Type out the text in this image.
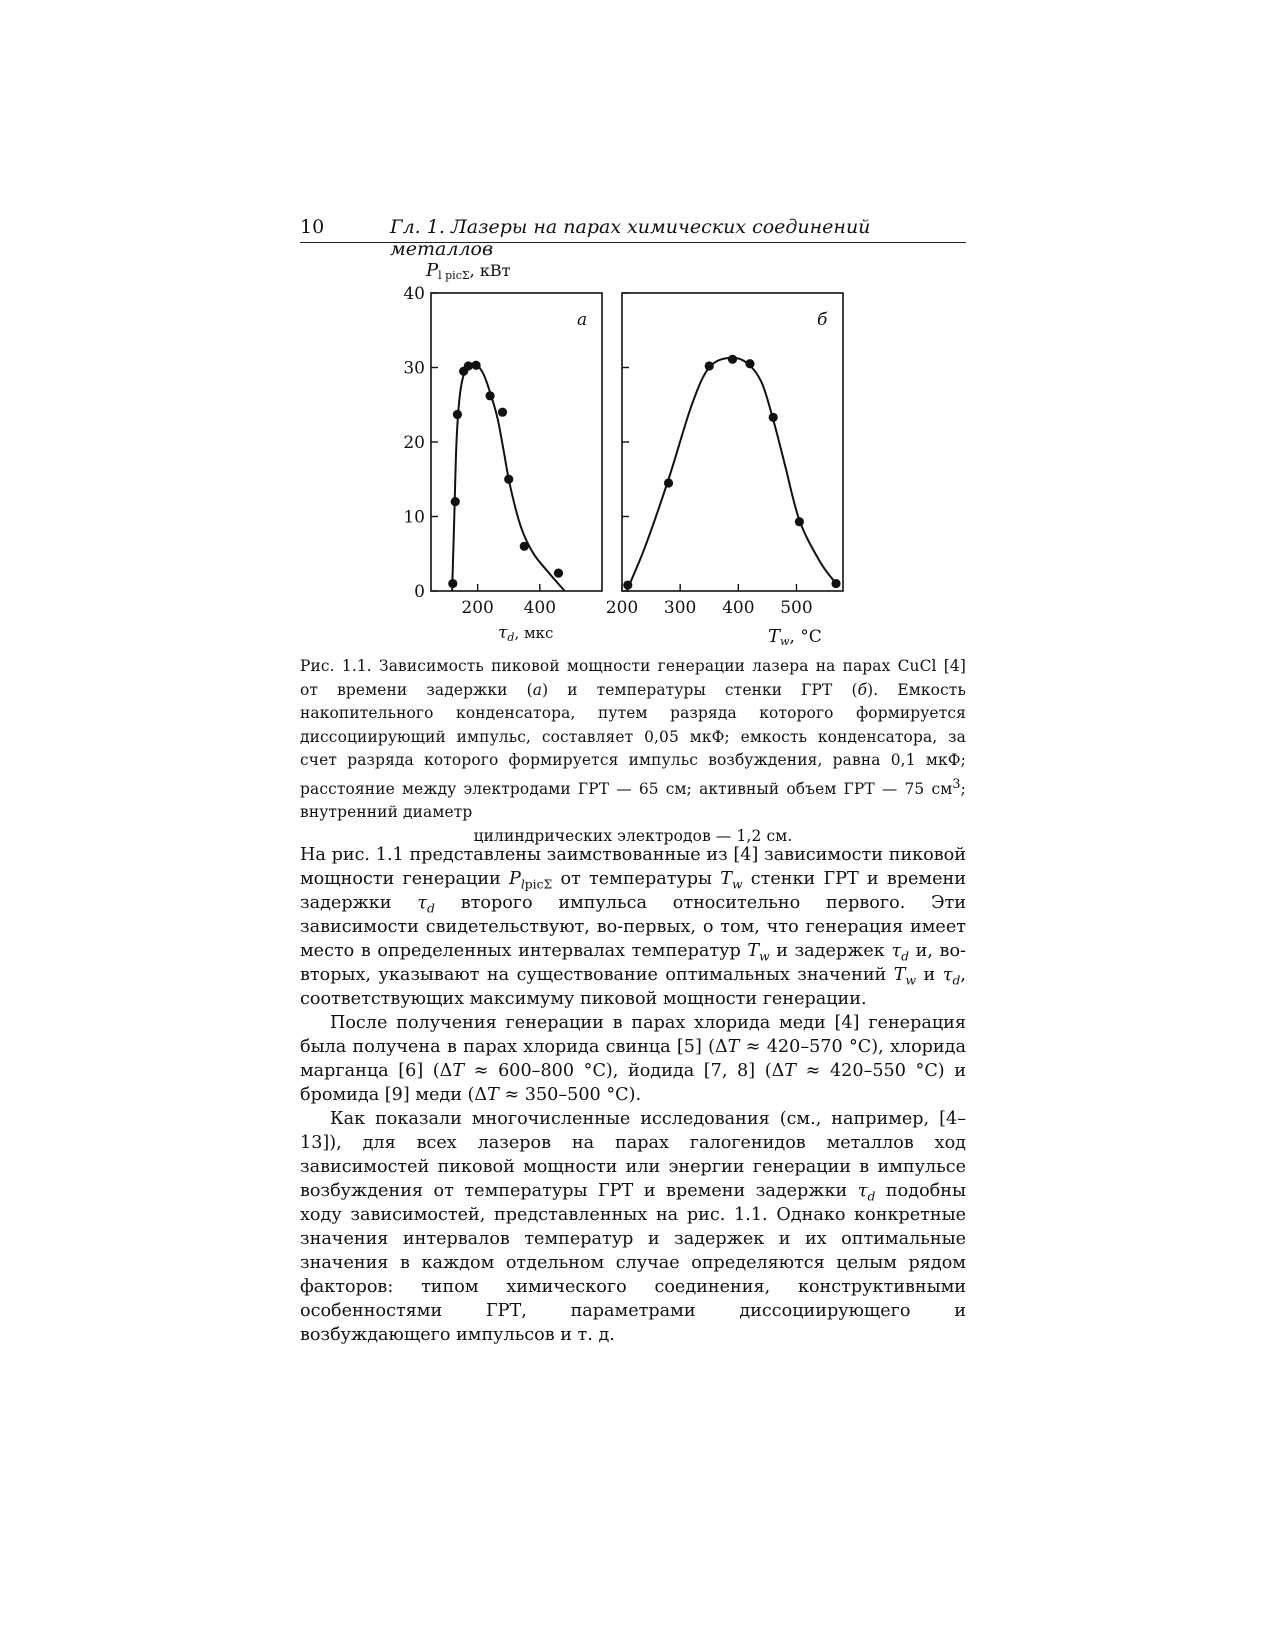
10	Гл. 1. Лазеры на парах химических соединений металлов
Pl picΣ, кВт
а
0
10
20
30
40
200 400
τd, мкс
б
200 300 400 500
Tw, °C
Рис. 1.1. Зависимость пиковой мощности генерации лазера на парах CuCl [4] от времени задержки (а) и температуры стенки ГРТ (б). Емкость накопительного конденсатора, путем разряда которого формируется диссоциирующий импульс, составляет 0,05 мкФ; емкость конденсатора, за счет разряда которого формируется импульс возбуждения, равна 0,1 мкФ; расстояние между электродами ГРТ — 65 см; активный объем ГРТ — 75 $см^3$; внутренний диаметр
цилиндрических электродов — 1,2 см.

На рис. 1.1 представлены заимствованные из [4] зависимости пиковой мощности генерации $P_{lpic\Sigma}$ от температуры $T_w$ стенки ГРТ и времени задержки $\tau_d$ второго импульса относительно первого. Эти зависимости свидетельствуют, во-первых, о том, что генерация имеет место в определенных интервалах температур $T_w$ и задержек $\tau_d$ и, во-вторых, указывают на существование оптимальных значений $T_w$ и $\tau_d$, соответствующих максимуму пиковой мощности генерации.

После получения генерации в парах хлорида меди [4] генерация была получена в парах хлорида свинца [5] (ΔT ≈ 420–570 °C), хлорида марганца [6] (ΔT ≈ 600–800 °C), йодида [7, 8] (ΔT ≈ 420–550 °C) и бромида [9] меди (ΔT ≈ 350–500 °C).

Как показали многочисленные исследования (см., например, [4–13]), для всех лазеров на парах галогенидов металлов ход зависимостей пиковой мощности или энергии генерации в импульсе возбуждения от температуры ГРТ и времени задержки $\tau_d$ подобны ходу зависимостей, представленных на рис. 1.1. Однако конкретные значения интервалов температур и задержек и их оптимальные значения в каждом отдельном случае определяются целым рядом факторов: типом химического соединения, конструктивными особенностями ГРТ, параметрами диссоциирующего и возбуждающего импульсов и т. д.
